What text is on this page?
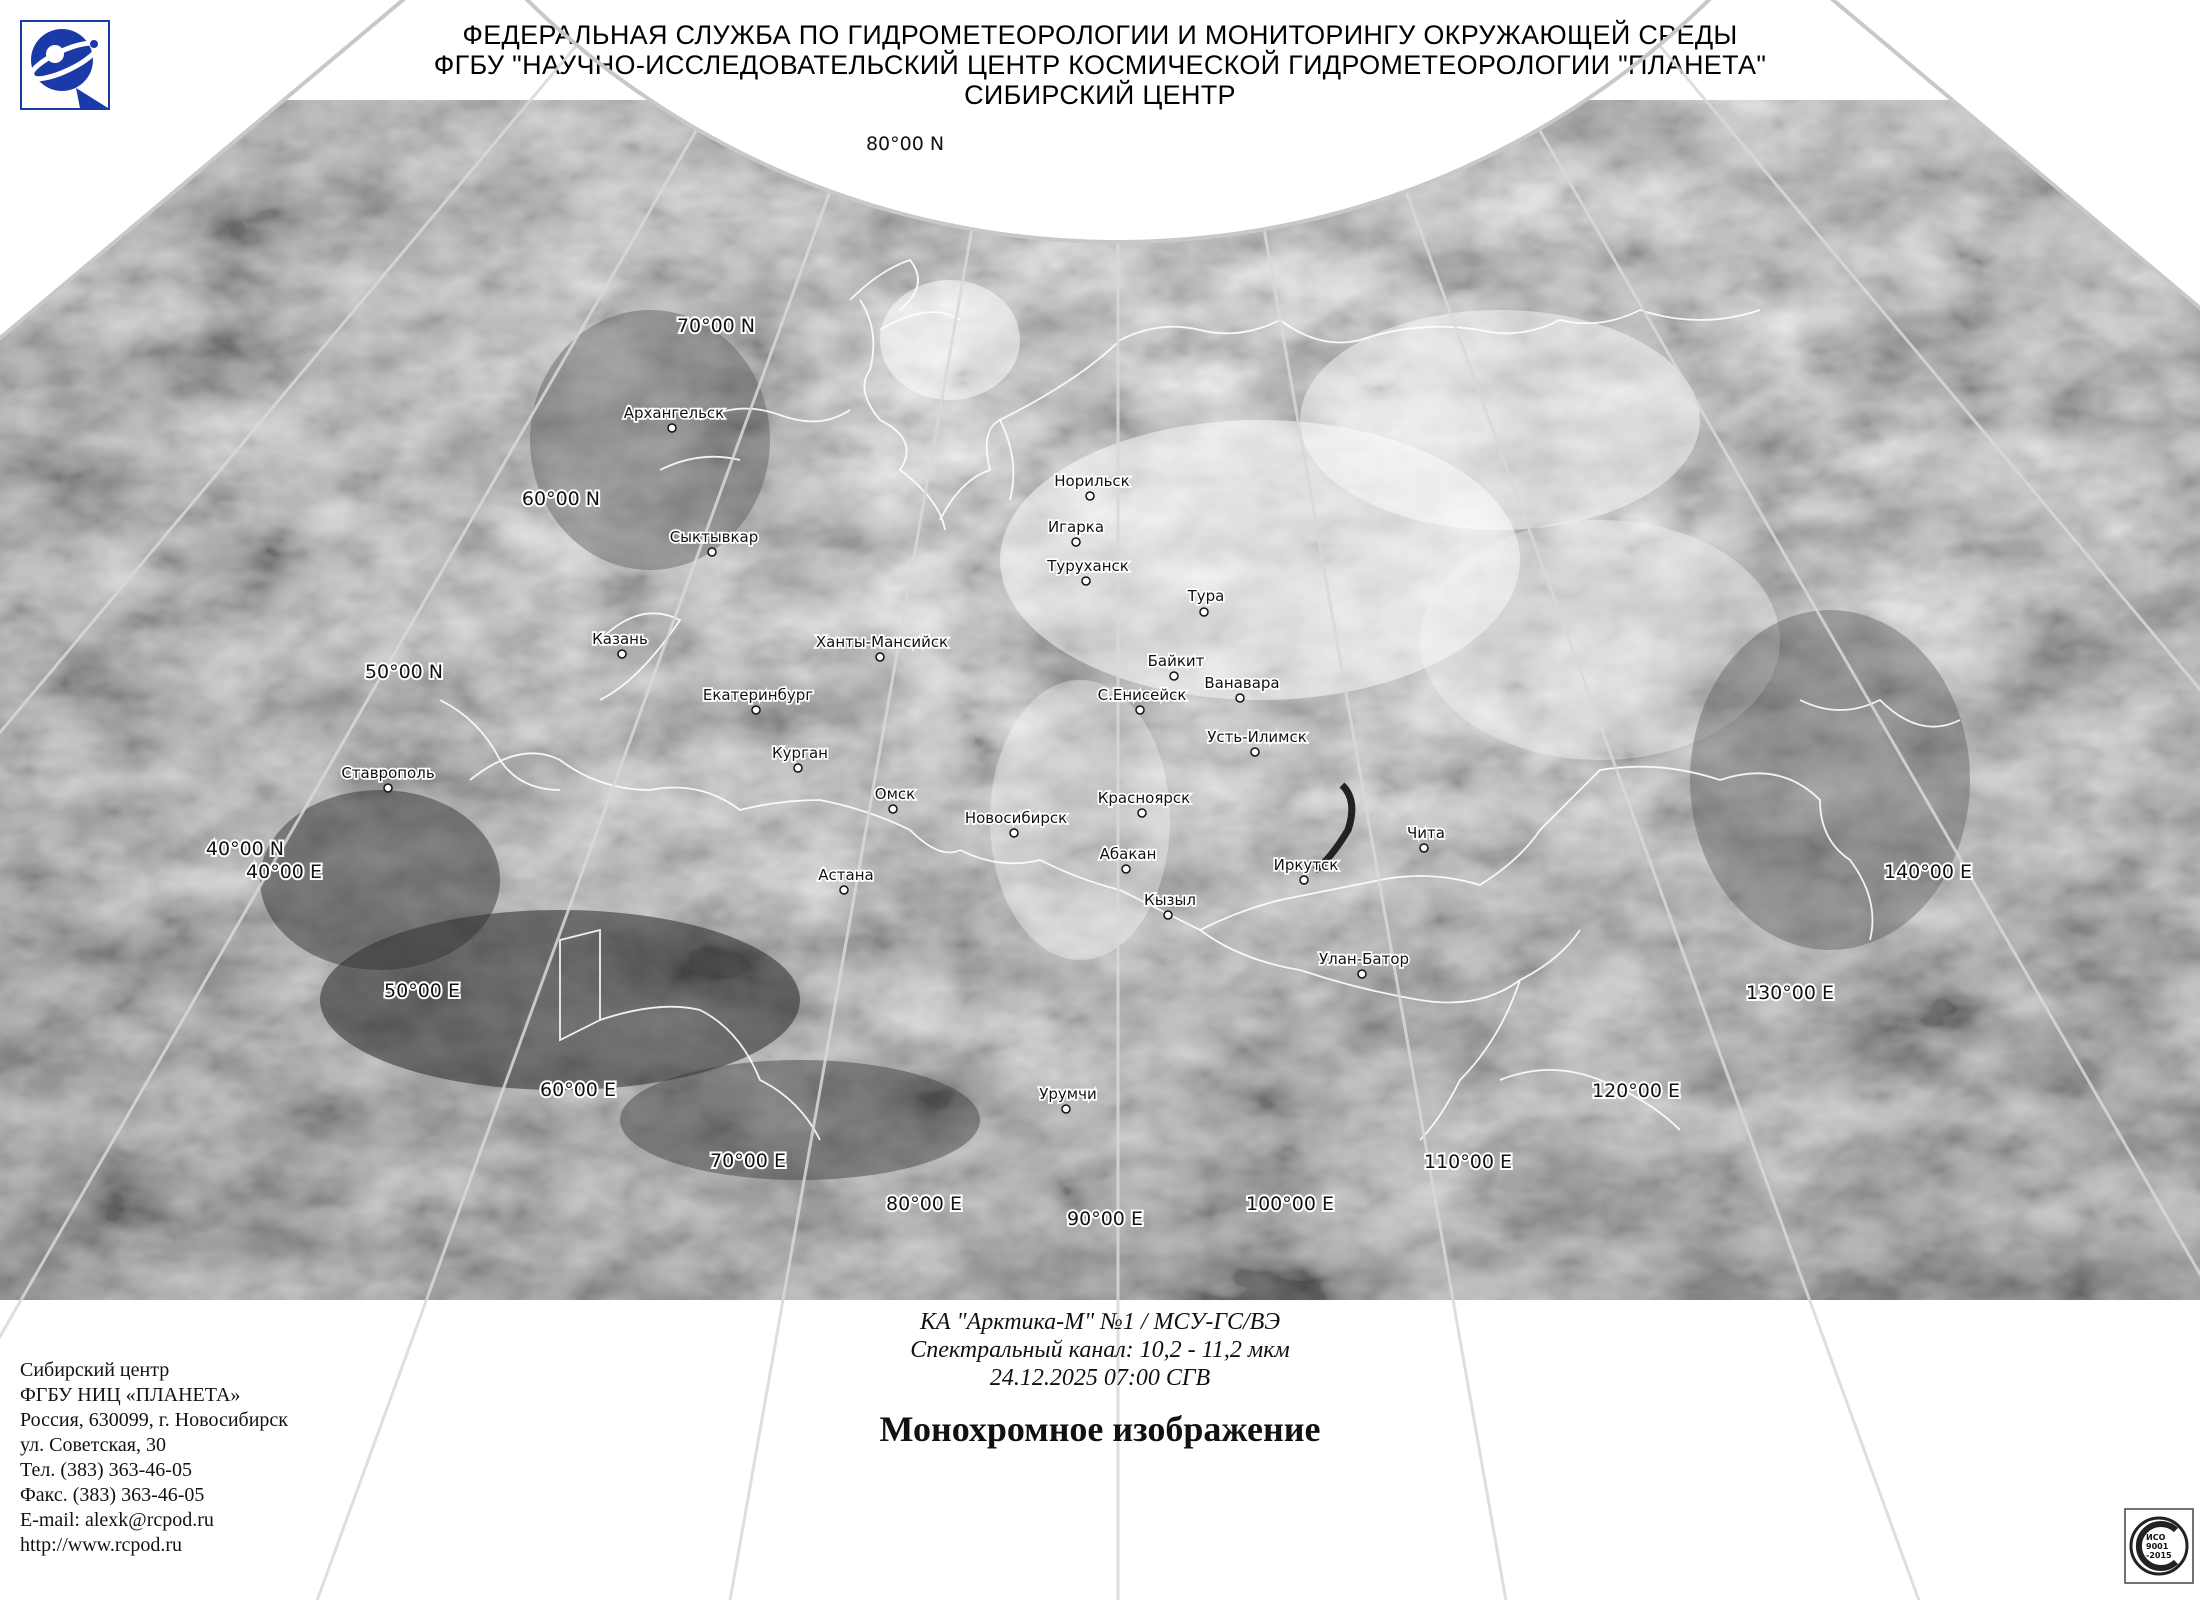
ФЕДЕРАЛЬНАЯ СЛУЖБА ПО ГИДРОМЕТЕОРОЛОГИИ И МОНИТОРИНГУ ОКРУЖАЮЩЕЙ СРЕДЫ
ФГБУ "НАУЧНО-ИССЛЕДОВАТЕЛЬСКИЙ ЦЕНТР КОСМИЧЕСКОЙ ГИДРОМЕТЕОРОЛОГИИ "ПЛАНЕТА"
СИБИРСКИЙ ЦЕНТР
Архангельск
Сыктывкар
Казань
Ставрополь
Екатеринбург
Ханты-Мансийск
Курган
Омск
Астана
Новосибирск
Норильск
Игарка
Туруханск
Тура
Байкит
С.Енисейск
Ванавара
Усть-Илимск
Красноярск
Абакан
Кызыл
Иркутск
Чита
Улан-Батор
Урумчи
80°00 N
70°00 N
60°00 N
50°00 N
40°00 N
40°00 E
50°00 E
60°00 E
70°00 E
80°00 E
90°00 E
100°00 E
110°00 E
120°00 E
130°00 E
140°00 E
КА "Арктика-М" №1 / МСУ-ГС/ВЭ
Спектральный канал: 10,2 - 11,2 мкм
24.12.2025 07:00 СГВ
Монохромное изображение
Сибирский центр
ФГБУ НИЦ «ПЛАНЕТА»
Россия, 630099, г. Новосибирск
ул. Советская, 30
Тел. (383) 363-46-05
Факс. (383) 363-46-05
E-mail: alexk@rcpod.ru
http://www.rcpod.ru	ИСО
9001
-2015
